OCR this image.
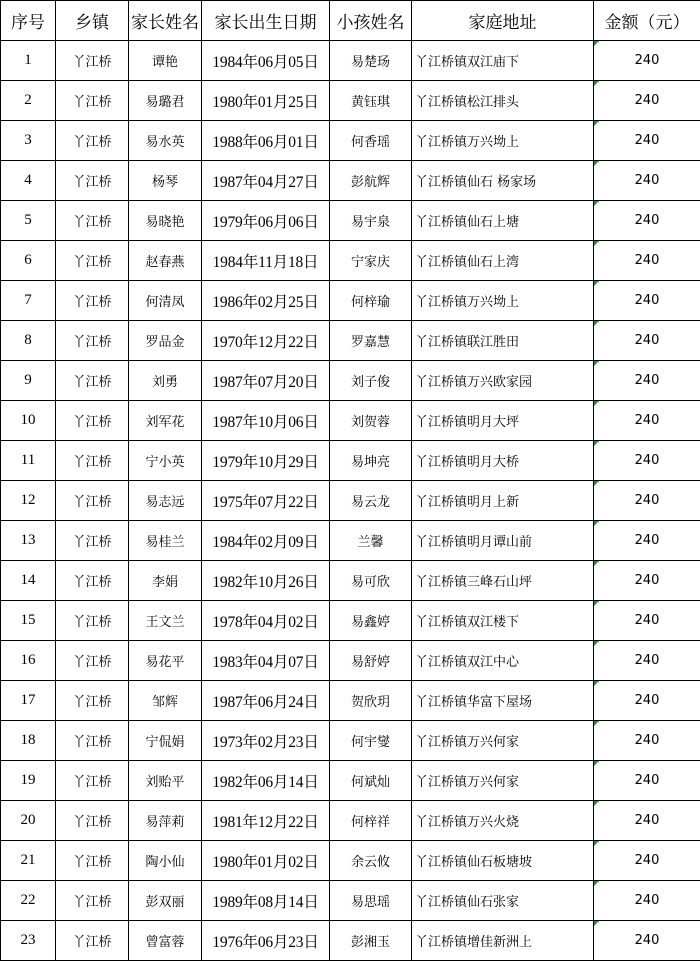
序号	乡镇	家长姓名	家长出生日期	小孩姓名	家庭地址	金额（元）
1	丫江桥	谭艳	1984年06月05日	易楚玚	丫江桥镇双江庙下	240
2	丫江桥	易璐君	1980年01月25日	黄钰琪	丫江桥镇松江排头	240
3	丫江桥	易水英	1988年06月01日	何香瑶	丫江桥镇万兴坳上	240
4	丫江桥	杨琴	1987年04月27日	彭航辉	丫江桥镇仙石 杨家场	240
5	丫江桥	易晓艳	1979年06月06日	易宇泉	丫江桥镇仙石上塘	240
6	丫江桥	赵春燕	1984年11月18日	宁家庆	丫江桥镇仙石上湾	240
7	丫江桥	何清凤	1986年02月25日	何梓瑜	丫江桥镇万兴坳上	240
8	丫江桥	罗品金	1970年12月22日	罗嘉慧	丫江桥镇联江胜田	240
9	丫江桥	刘勇	1987年07月20日	刘子俊	丫江桥镇万兴欧家园	240
10	丫江桥	刘军花	1987年10月06日	刘贺蓉	丫江桥镇明月大坪	240
11	丫江桥	宁小英	1979年10月29日	易坤亮	丫江桥镇明月大桥	240
12	丫江桥	易志远	1975年07月22日	易云龙	丫江桥镇明月上新	240
13	丫江桥	易桂兰	1984年02月09日	兰馨	丫江桥镇明月谭山前	240
14	丫江桥	李娟	1982年10月26日	易可欣	丫江桥镇三峰石山坪	240
15	丫江桥	王文兰	1978年04月02日	易鑫婷	丫江桥镇双江楼下	240
16	丫江桥	易花平	1983年04月07日	易舒婷	丫江桥镇双江中心	240
17	丫江桥	邹辉	1987年06月24日	贺欣玥	丫江桥镇华富下屋场	240
18	丫江桥	宁侃娟	1973年02月23日	何宇燮	丫江桥镇万兴何家	240
19	丫江桥	刘贻平	1982年06月14日	何斌灿	丫江桥镇万兴何家	240
20	丫江桥	易萍莉	1981年12月22日	何梓祥	丫江桥镇万兴火烧	240
21	丫江桥	陶小仙	1980年01月02日	余云攸	丫江桥镇仙石板塘坡	240
22	丫江桥	彭双丽	1989年08月14日	易思瑶	丫江桥镇仙石张家	240
23	丫江桥	曾富蓉	1976年06月23日	彭湘玉	丫江桥镇增佳新洲上	240
